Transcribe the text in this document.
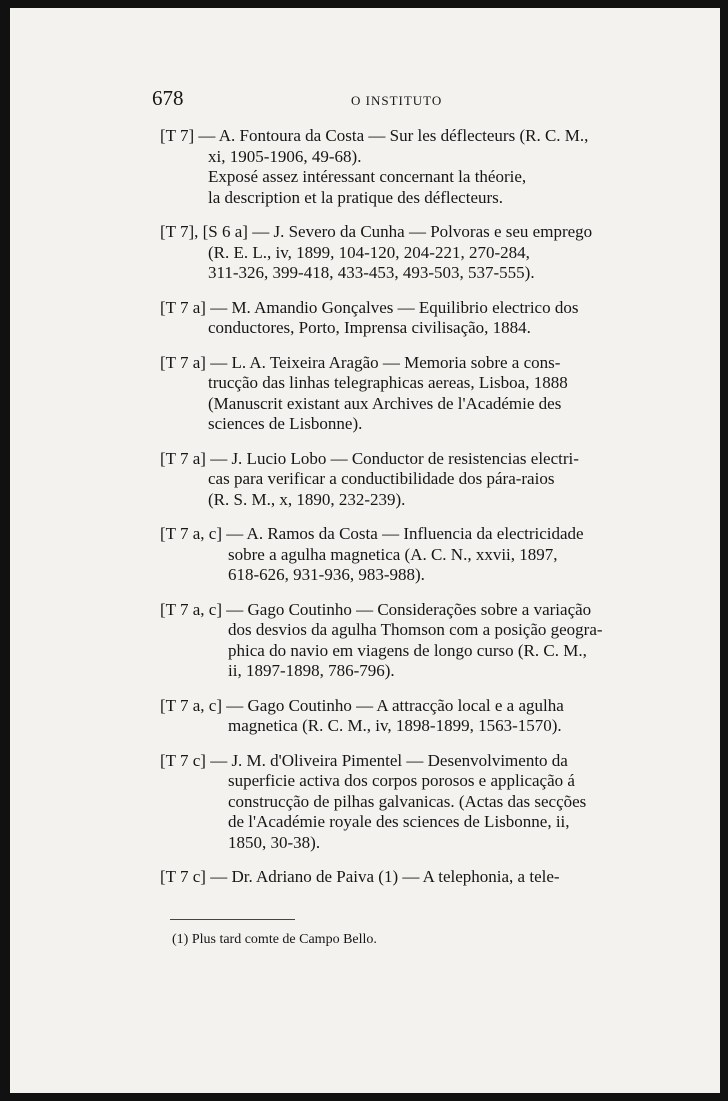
678	O INSTITUTO
[T 7] — A. Fontoura da Costa — Sur les déflecteurs (R. C. M.,
xi, 1905-1906, 49-68).
Exposé assez intéressant concernant la théorie,
la description et la pratique des déflecteurs.
[T 7], [S 6 a] — J. Severo da Cunha — Polvoras e seu emprego
(R. E. L., iv, 1899, 104-120, 204-221, 270-284,
311-326, 399-418, 433-453, 493-503, 537-555).
[T 7 a] — M. Amandio Gonçalves — Equilibrio electrico dos
conductores, Porto, Imprensa civilisação, 1884.
[T 7 a] — L. A. Teixeira Aragão — Memoria sobre a cons-
trucção das linhas telegraphicas aereas, Lisboa, 1888
(Manuscrit existant aux Archives de l'Académie des
sciences de Lisbonne).
[T 7 a] — J. Lucio Lobo — Conductor de resistencias electri-
cas para verificar a conductibilidade dos pára-raios
(R. S. M., x, 1890, 232-239).
[T 7 a, c] — A. Ramos da Costa — Influencia da electricidade
sobre a agulha magnetica (A. C. N., xxvii, 1897,
618-626, 931-936, 983-988).
[T 7 a, c] — Gago Coutinho — Considerações sobre a variação
dos desvios da agulha Thomson com a posição geogra-
phica do navio em viagens de longo curso (R. C. M.,
ii, 1897-1898, 786-796).
[T 7 a, c] — Gago Coutinho — A attracção local e a agulha
magnetica (R. C. M., iv, 1898-1899, 1563-1570).
[T 7 c] — J. M. d'Oliveira Pimentel — Desenvolvimento da
superficie activa dos corpos porosos e applicação á
construcção de pilhas galvanicas. (Actas das secções
de l'Académie royale des sciences de Lisbonne, ii,
1850, 30-38).
[T 7 c] — Dr. Adriano de Paiva (1) — A telephonia, a tele-
(1) Plus tard comte de Campo Bello.
